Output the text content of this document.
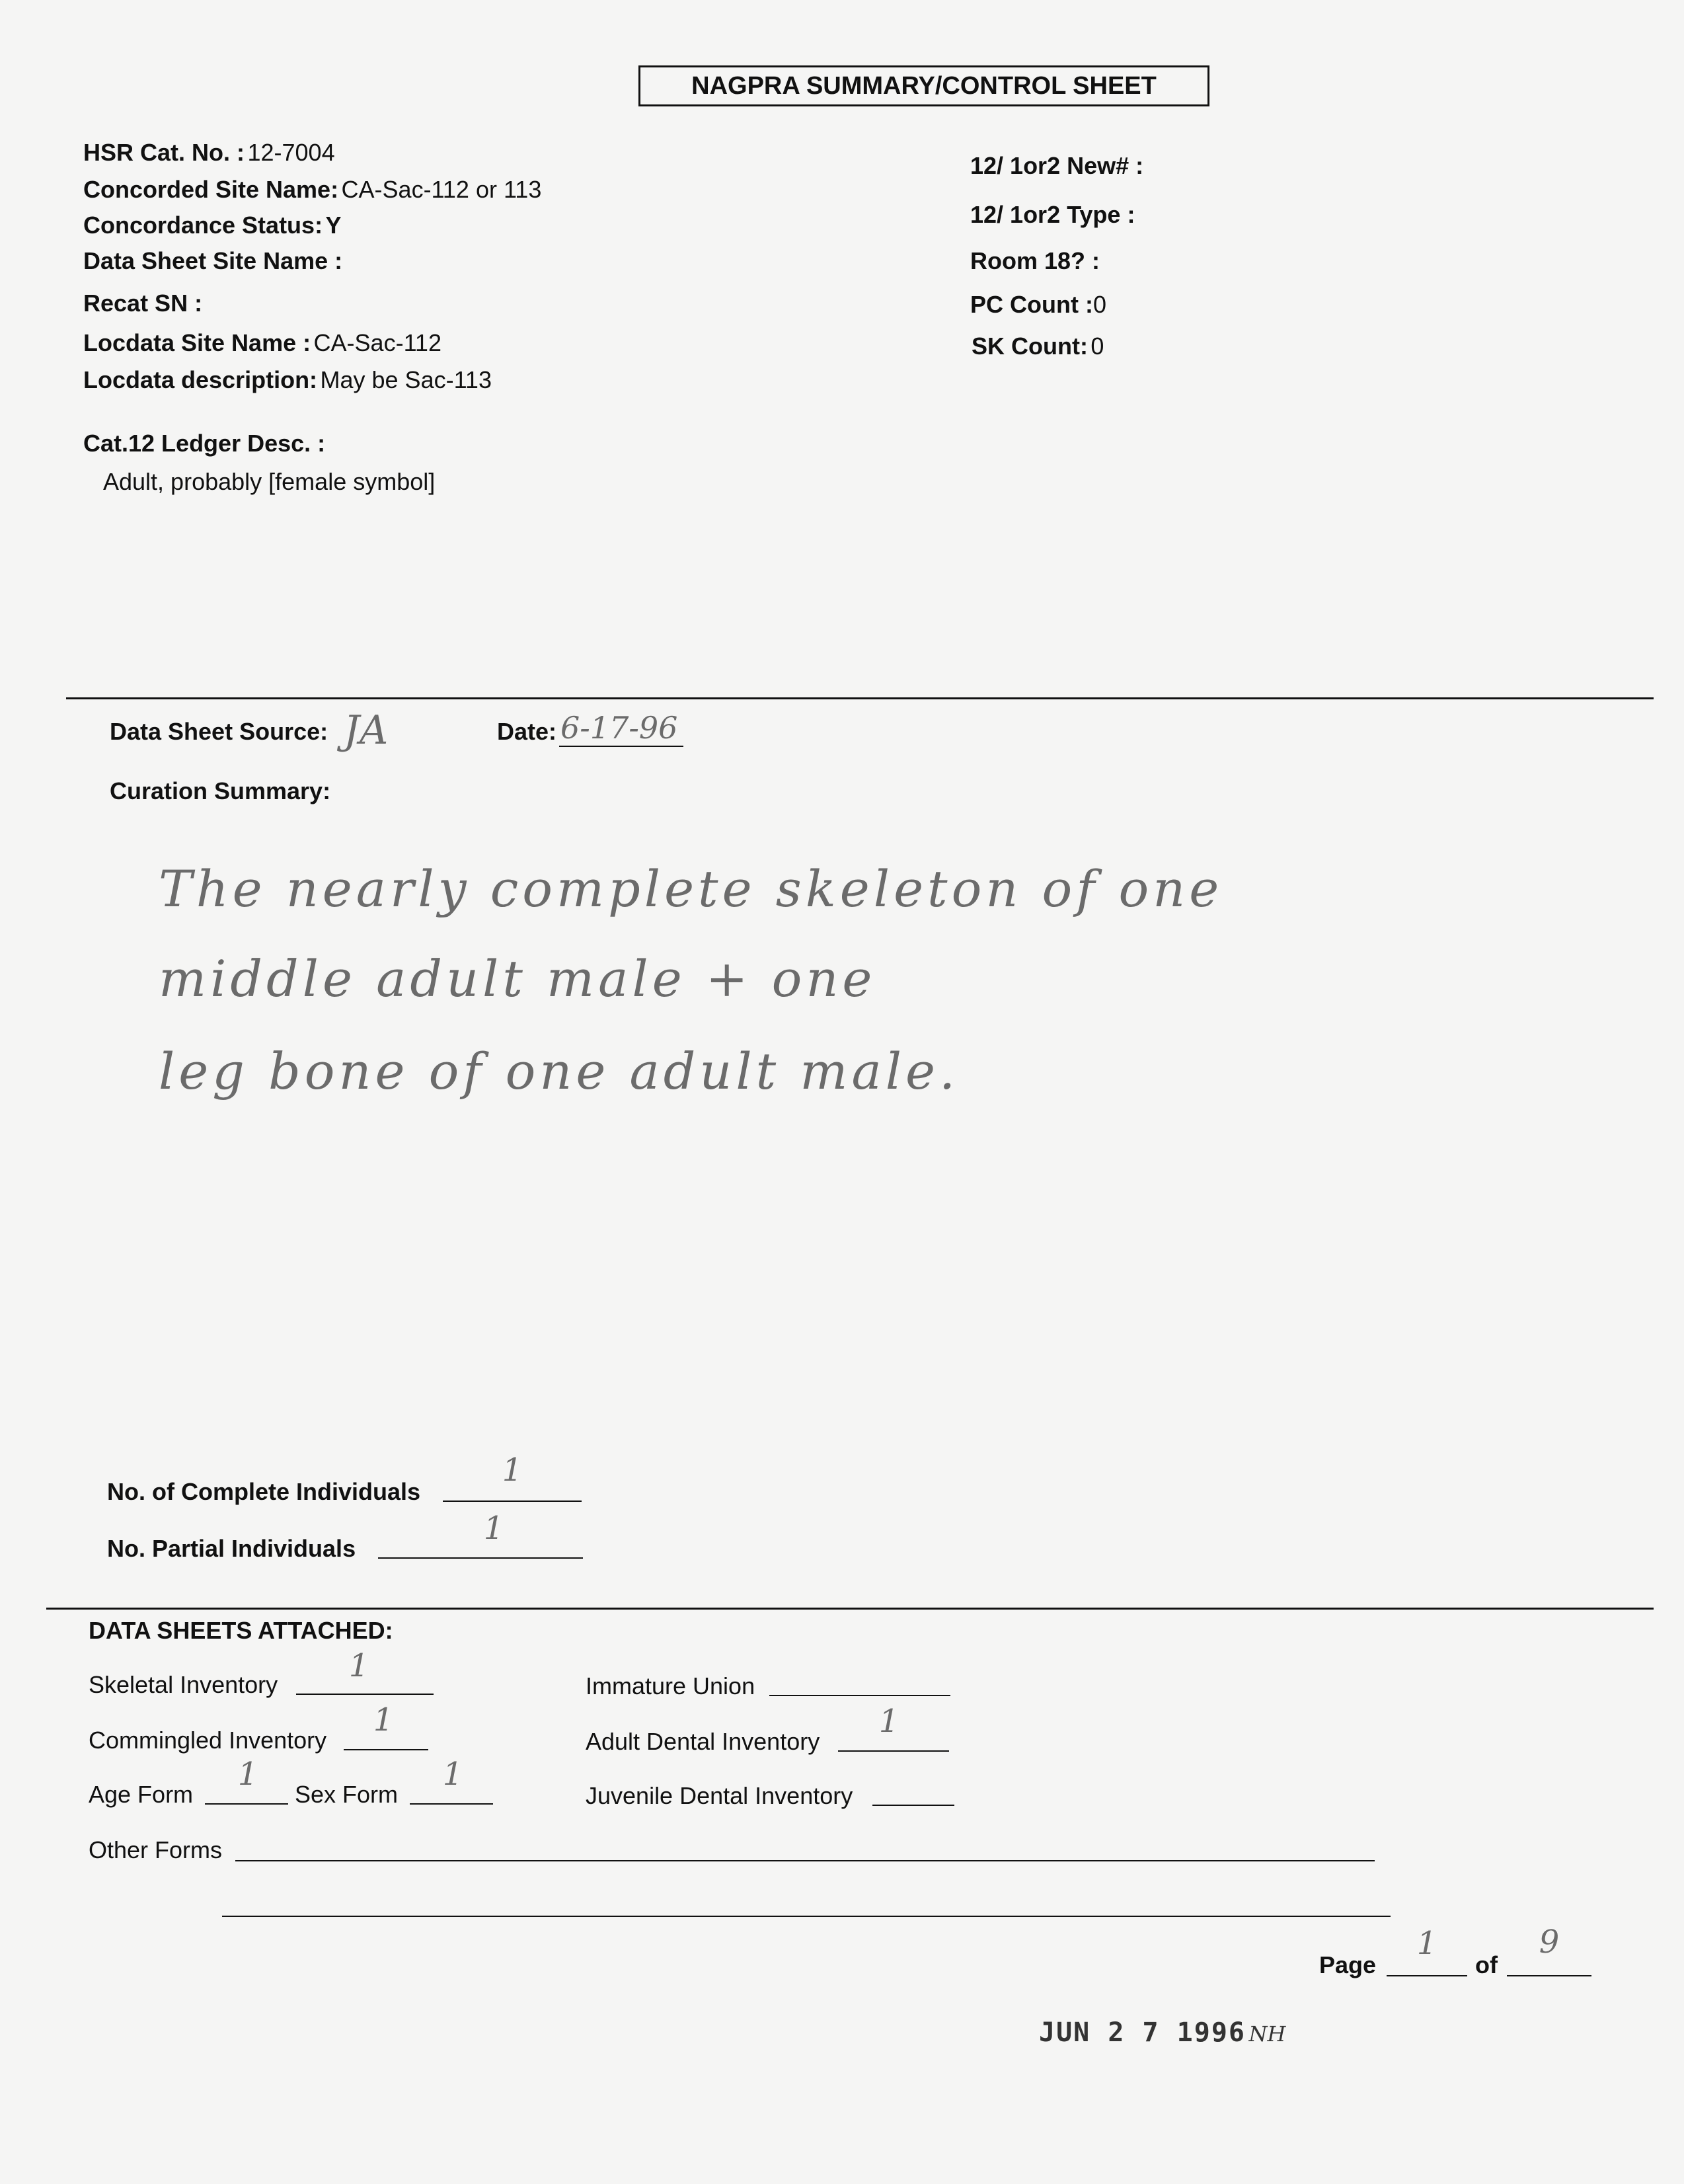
NAGPRA SUMMARY/CONTROL SHEET
HSR Cat. No. : 12-7004
Concorded Site Name: CA-Sac-112 or 113
Concordance Status: Y
Data Sheet Site Name :
Recat SN :
Locdata Site Name : CA-Sac-112
Locdata description: May be Sac-113
Cat.12 Ledger Desc. :
Adult, probably [female symbol]
12/ 1or2 New# :
12/ 1or2 Type :
Room 18? :
PC Count :0
SK Count: 0
Data Sheet Source: JA	Date: 6-17-96
Curation Summary:
The nearly complete skeleton of one
middle adult male + one
leg bone of one adult male.
No. of Complete Individuals
1
No. Partial Individuals
1
DATA SHEETS ATTACHED:
Skeletal Inventory
1
Commingled Inventory
1
Age Form
1
Sex Form
1
Immature Union
Adult Dental Inventory
1
Juvenile Dental Inventory
Other Forms
Page
1
of
9
JUN 2 7 1996 NH
